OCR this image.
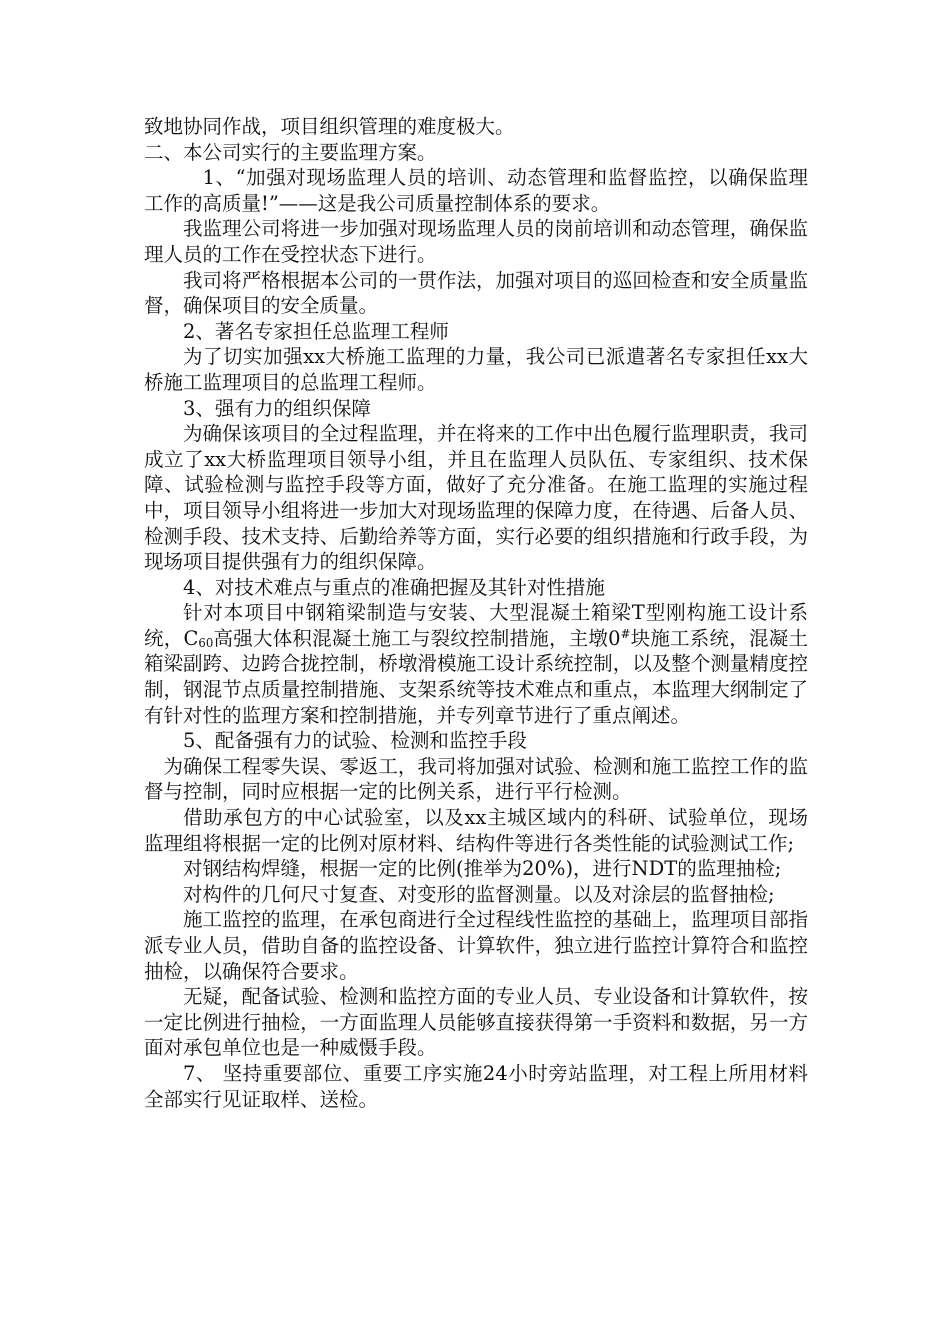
致地协同作战，项目组织管理的难度极大。

二、本公司实行的主要监理方案。

1、“加强对现场监理人员的培训、动态管理和监督监控，以确保监理工作的高质量!”——这是我公司质量控制体系的要求。

我监理公司将进一步加强对现场监理人员的岗前培训和动态管理，确保监理人员的工作在受控状态下进行。

我司将严格根据本公司的一贯作法，加强对项目的巡回检查和安全质量监督，确保项目的安全质量。

2、著名专家担任总监理工程师

为了切实加强xx大桥施工监理的力量，我公司已派遣著名专家担任xx大桥施工监理项目的总监理工程师。

3、强有力的组织保障

为确保该项目的全过程监理，并在将来的工作中出色履行监理职责，我司成立了xx大桥监理项目领导小组，并且在监理人员队伍、专家组织、技术保障、试验检测与监控手段等方面，做好了充分准备。在施工监理的实施过程中，项目领导小组将进一步加大对现场监理的保障力度，在待遇、后备人员、检测手段、技术支持、后勤给养等方面，实行必要的组织措施和行政手段，为现场项目提供强有力的组织保障。

4、对技术难点与重点的准确把握及其针对性措施

针对本项目中钢箱梁制造与安装、大型混凝土箱梁T型刚构施工设计系统，$C_{60}$高强大体积混凝土施工与裂纹控制措施，主墩0#块施工系统，混凝土箱梁副跨、边跨合拢控制，桥墩滑模施工设计系统控制，以及整个测量精度控制，钢混节点质量控制措施、支架系统等技术难点和重点，本监理大纲制定了有针对性的监理方案和控制措施，并专列章节进行了重点阐述。

5、配备强有力的试验、检测和监控手段

为确保工程零失误、零返工，我司将加强对试验、检测和施工监控工作的监督与控制，同时应根据一定的比例关系，进行平行检测。

借助承包方的中心试验室，以及xx主城区域内的科研、试验单位，现场监理组将根据一定的比例对原材料、结构件等进行各类性能的试验测试工作;

对钢结构焊缝，根据一定的比例(推举为20%)，进行NDT的监理抽检;

对构件的几何尺寸复查、对变形的监督测量。以及对涂层的监督抽检;

施工监控的监理，在承包商进行全过程线性监控的基础上，监理项目部指派专业人员，借助自备的监控设备、计算软件，独立进行监控计算符合和监控抽检，以确保符合要求。

无疑，配备试验、检测和监控方面的专业人员、专业设备和计算软件，按一定比例进行抽检，一方面监理人员能够直接获得第一手资料和数据，另一方面对承包单位也是一种威慑手段。

7、 坚持重要部位、重要工序实施24小时旁站监理，对工程上所用材料全部实行见证取样、送检。
